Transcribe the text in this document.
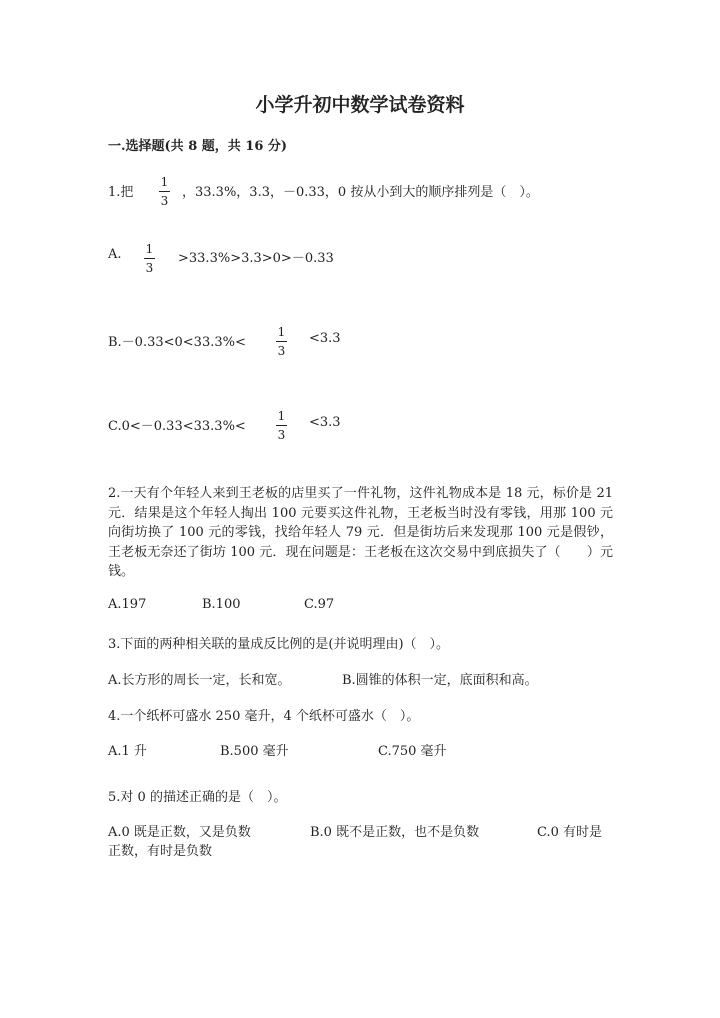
小学升初中数学试卷资料
一.选择题(共 8 题，共 16 分)
1.把
1
3
，33.3%，3.3，－0.33，0 按从小到大的顺序排列是（　）。
A. 1
3
>33.3%>3.3>0>－0.33
B.－0.33<0<33.3%<
1
3
<3.3
C.0<－0.33<33.3%<
1
3
<3.3
2.一天有个年轻人来到王老板的店里买了一件礼物，这件礼物成本是 18 元，标价是 21 元．结果是这个年轻人掏出 100 元要买这件礼物，王老板当时没有零钱，用那 100 元向街坊换了 100 元的零钱，找给年轻人 79 元．但是街坊后来发现那 100 元是假钞，王老板无奈还了街坊 100 元．现在问题是：王老板在这次交易中到底损失了（　　）元钱。
A.197	B.100	C.97
3.下面的两种相关联的量成反比例的是(并说明理由)（　）。
A.长方形的周长一定，长和宽。	B.圆锥的体积一定，底面积和高。
4.一个纸杯可盛水 250 毫升，4 个纸杯可盛水（　）。
A.1 升	B.500 毫升	C.750 毫升
5.对 0 的描述正确的是（　）。
A.0 既是正数，又是负数	B.0 既不是正数，也不是负数	C.0 有时是
正数，有时是负数
